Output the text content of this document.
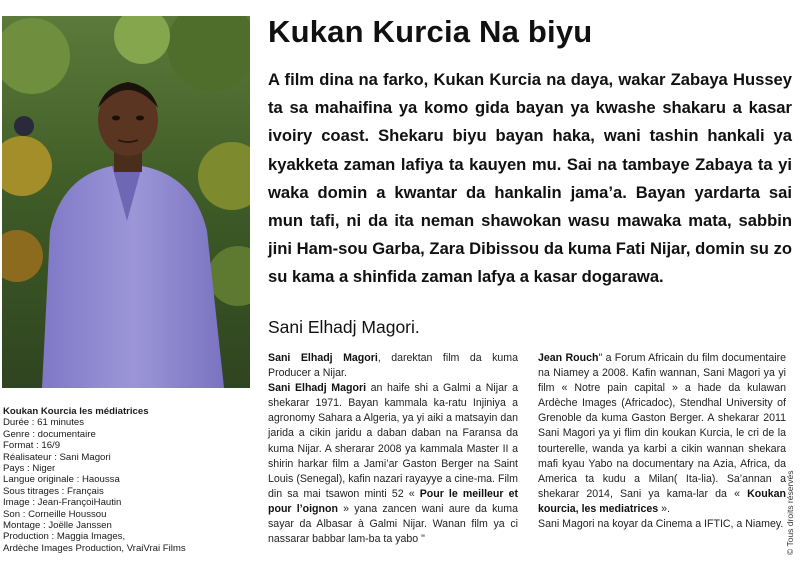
Koukan Kourcia les médiatrices
Durée : 61 minutes
Genre : documentaire
Format : 16/9
Réalisateur : Sani Magori
Pays : Niger
Langue originale : Haoussa
Sous titrages : Français
Image : Jean-FrançoiHautin
Son : Corneille Houssou
Montage : Joëlle Janssen
Production : Maggia Images,
Ardèche Images Production, VraiVrai Films
Kukan Kurcia Na biyu

A film dina na farko, Kukan Kurcia na daya, wakar Zabaya Hussey ta sa mahaifina ya komo gida bayan ya kwashe shakaru a kasar ivoiry coast. Shekaru biyu bayan haka, wani tashin hankali ya kyakketa zaman lafiya ta kauyen mu. Sai na tambaye Zabaya ta yi waka domin a kwantar da hankalin jama’a. Bayan yardarta sai mun tafi, ni da ita neman shawokan wasu mawaka mata, sabbin jini Ham-sou Garba, Zara Dibissou da kuma Fati Nijar, domin su zo su kama a shinfida zaman lafya a kasar dogarawa.

Sani Elhadj Magori.

Sani Elhadj Magori, darektan film da kuma Producer a Nijar.

Sani Elhadj Magori an haife shi a Galmi a Nijar a shekarar 1971. Bayan kammala ka-ratu Injiniya a agronomy Sahara a Algeria, ya yi aiki a matsayin dan jarida a cikin jaridu a daban daban na Faransa da kuma Nijar. A sherarar 2008 ya kammala Master II a shirin harkar film a Jami’ar Gaston Berger na Saint Louis (Senegal), kafin nazari rayayye a cine-ma. Film din sa mai tsawon minti 52 « Pour le meilleur et pour l’oignon » yana zancen wani aure da kuma sayar da Albasar à Galmi Nijar. Wanan film ya ci nassarar babbar lam-ba ta yabo "

Jean Rouch" a Forum Africain du film documentaire na Niamey a 2008. Kafin wannan, Sani Magori ya yi film « Notre pain capital » a hade da kulawan Ardèche Images (Africadoc), Stendhal University of Grenoble da kuma Gaston Berger. A shekarar 2011 Sani Magori ya yi flim din koukan Kurcia, le cri de la tourterelle, wanda ya karbi a cikin wannan shekara mafi kyau Yabo na documentary na Azia, Africa, da America ta kudu a Milan( Ita-lia). Sa’annan a shekarar 2014, Sani ya kama-lar da « Koukan kourcia, les mediatrices ».

Sani Magori na koyar da Cinema a IFTIC, a Niamey. © Tous droits réservés
